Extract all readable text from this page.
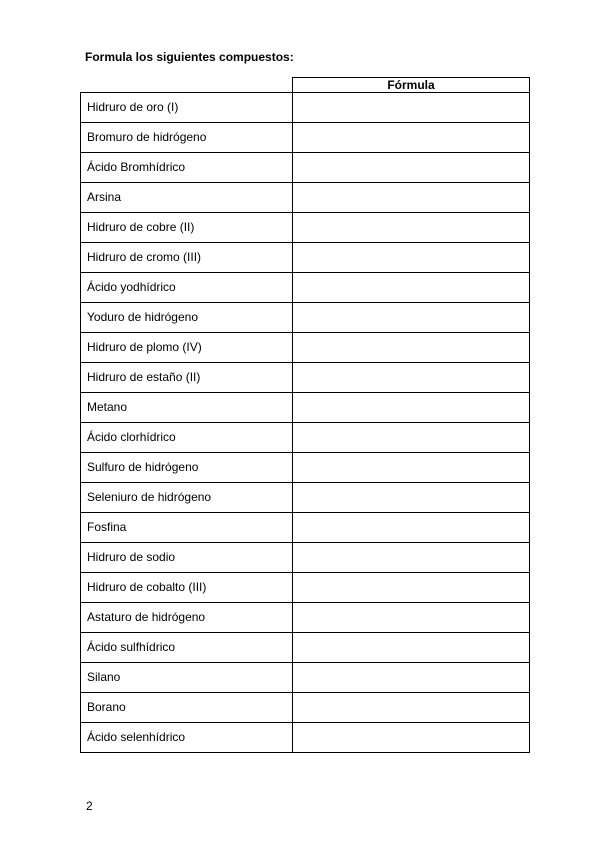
Formula los siguientes compuestos:
	Fórmula
Hidruro de oro (I)	
Bromuro de hidrógeno	
Ácido Bromhídrico	
Arsina	
Hidruro de cobre (II)	
Hidruro de cromo (III)	
Ácido yodhídrico	
Yoduro de hidrógeno	
Hidruro de plomo (IV)	
Hidruro de estaño (II)	
Metano	
Ácido clorhídrico	
Sulfuro de hidrógeno	
Seleniuro de hidrógeno	
Fosfina	
Hidruro de sodio	
Hidruro de cobalto (III)	
Astaturo de hidrógeno	
Ácido sulfhídrico	
Silano	
Borano	
Ácido selenhídrico	
2
